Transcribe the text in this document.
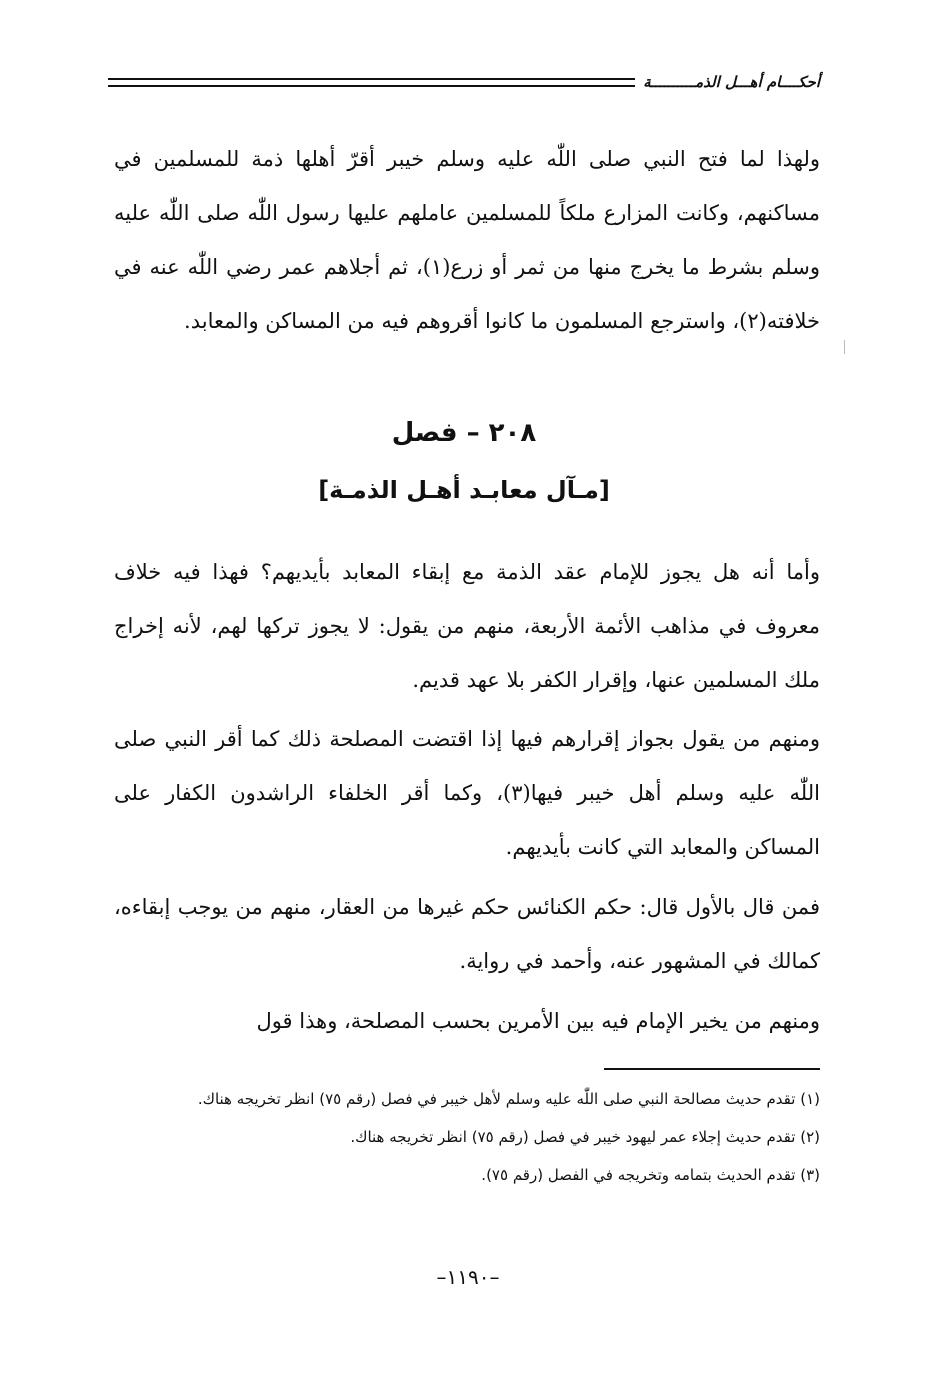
أحكــــام أهـــل الذمــــــــــة

ولهذا لما فتح النبي صلى اللّٰه عليه وسلم خيبر أقرّ أهلها ذمة للمسلمين في مساكنهم، وكانت المزارع ملكاً للمسلمين عاملهم عليها رسول اللّٰه صلى اللّٰه عليه وسلم بشرط ما يخرج منها من ثمر أو زرع(١)، ثم أجلاهم عمر رضي اللّٰه عنه في خلافته(٢)، واسترجع المسلمون ما كانوا أقروهم فيه من المساكن والمعابد.

٢٠٨ – فصل
[مـآل معابـد أهـل الذمـة]

وأما أنه هل يجوز للإمام عقد الذمة مع إبقاء المعابد بأيديهم؟ فهذا فيه خلاف معروف في مذاهب الأئمة الأربعة، منهم من يقول: لا يجوز تركها لهم، لأنه إخراج ملك المسلمين عنها، وإقرار الكفر بلا عهد قديم.

ومنهم من يقول بجواز إقرارهم فيها إذا اقتضت المصلحة ذلك كما أقر النبي صلى اللّٰه عليه وسلم أهل خيبر فيها(٣)، وكما أقر الخلفاء الراشدون الكفار على المساكن والمعابد التي كانت بأيديهم.

فمن قال بالأول قال: حكم الكنائس حكم غيرها من العقار، منهم من يوجب إبقاءه، كمالك في المشهور عنه، وأحمد في رواية.

ومنهم من يخير الإمام فيه بين الأمرين بحسب المصلحة، وهذا قول

(١) تقدم حديث مصالحة النبي صلى اللّٰه عليه وسلم لأهل خيبر في فصل (رقم ٧٥) انظر تخريجه هناك.

(٢) تقدم حديث إجلاء عمر ليهود خيبر في فصل (رقم ٧٥) انظر تخريجه هناك.

(٣) تقدم الحديث بتمامه وتخريجه في الفصل (رقم ٧٥).

–١١٩٠–
